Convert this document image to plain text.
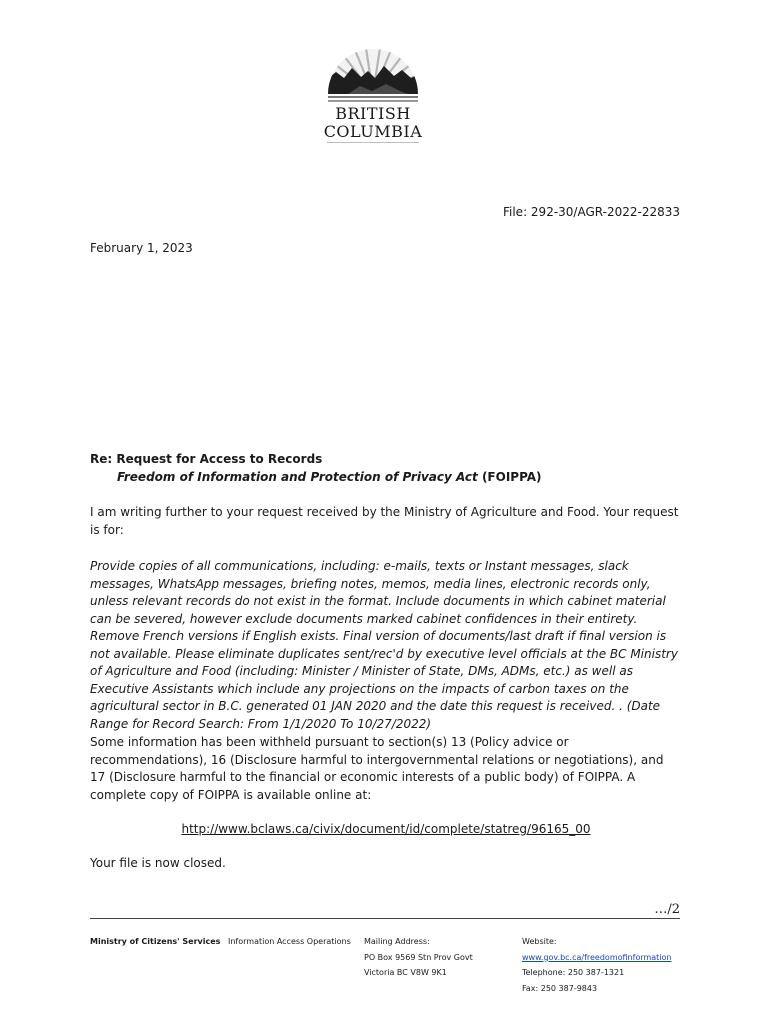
BRITISH
COLUMBIA
File: 292-30/AGR-2022-22833
February 1, 2023
Re: Request for Access to Records
Freedom of Information and Protection of Privacy Act (FOIPPA)
I am writing further to your request received by the Ministry of Agriculture and Food. Your request is for:
Provide copies of all communications, including: e-mails, texts or Instant messages, slack messages, WhatsApp messages, briefing notes, memos, media lines, electronic records only, unless relevant records do not exist in the format. Include documents in which cabinet material can be severed, however exclude documents marked cabinet confidences in their entirety. Remove French versions if English exists. Final version of documents/last draft if final version is not available. Please eliminate duplicates sent/rec'd by executive level officials at the BC Ministry of Agriculture and Food (including: Minister / Minister of State, DMs, ADMs, etc.) as well as Executive Assistants which include any projections on the impacts of carbon taxes on the agricultural sector in B.C. generated 01 JAN 2020 and the date this request is received. . (Date Range for Record Search: From 1/1/2020 To 10/27/2022)
Some information has been withheld pursuant to section(s) 13 (Policy advice or recommendations), 16 (Disclosure harmful to intergovernmental relations or negotiations), and 17 (Disclosure harmful to the financial or economic interests of a public body) of FOIPPA. A complete copy of FOIPPA is available online at:
http://www.bclaws.ca/civix/document/id/complete/statreg/96165_00
Your file is now closed.
…/2
Ministry of Citizens' Services Information Access Operations Mailing Address:
PO Box 9569 Stn Prov Govt
Victoria BC V8W 9K1
Website:
www.gov.bc.ca/freedomofinformation
Telephone: 250 387-1321
Fax: 250 387-9843
